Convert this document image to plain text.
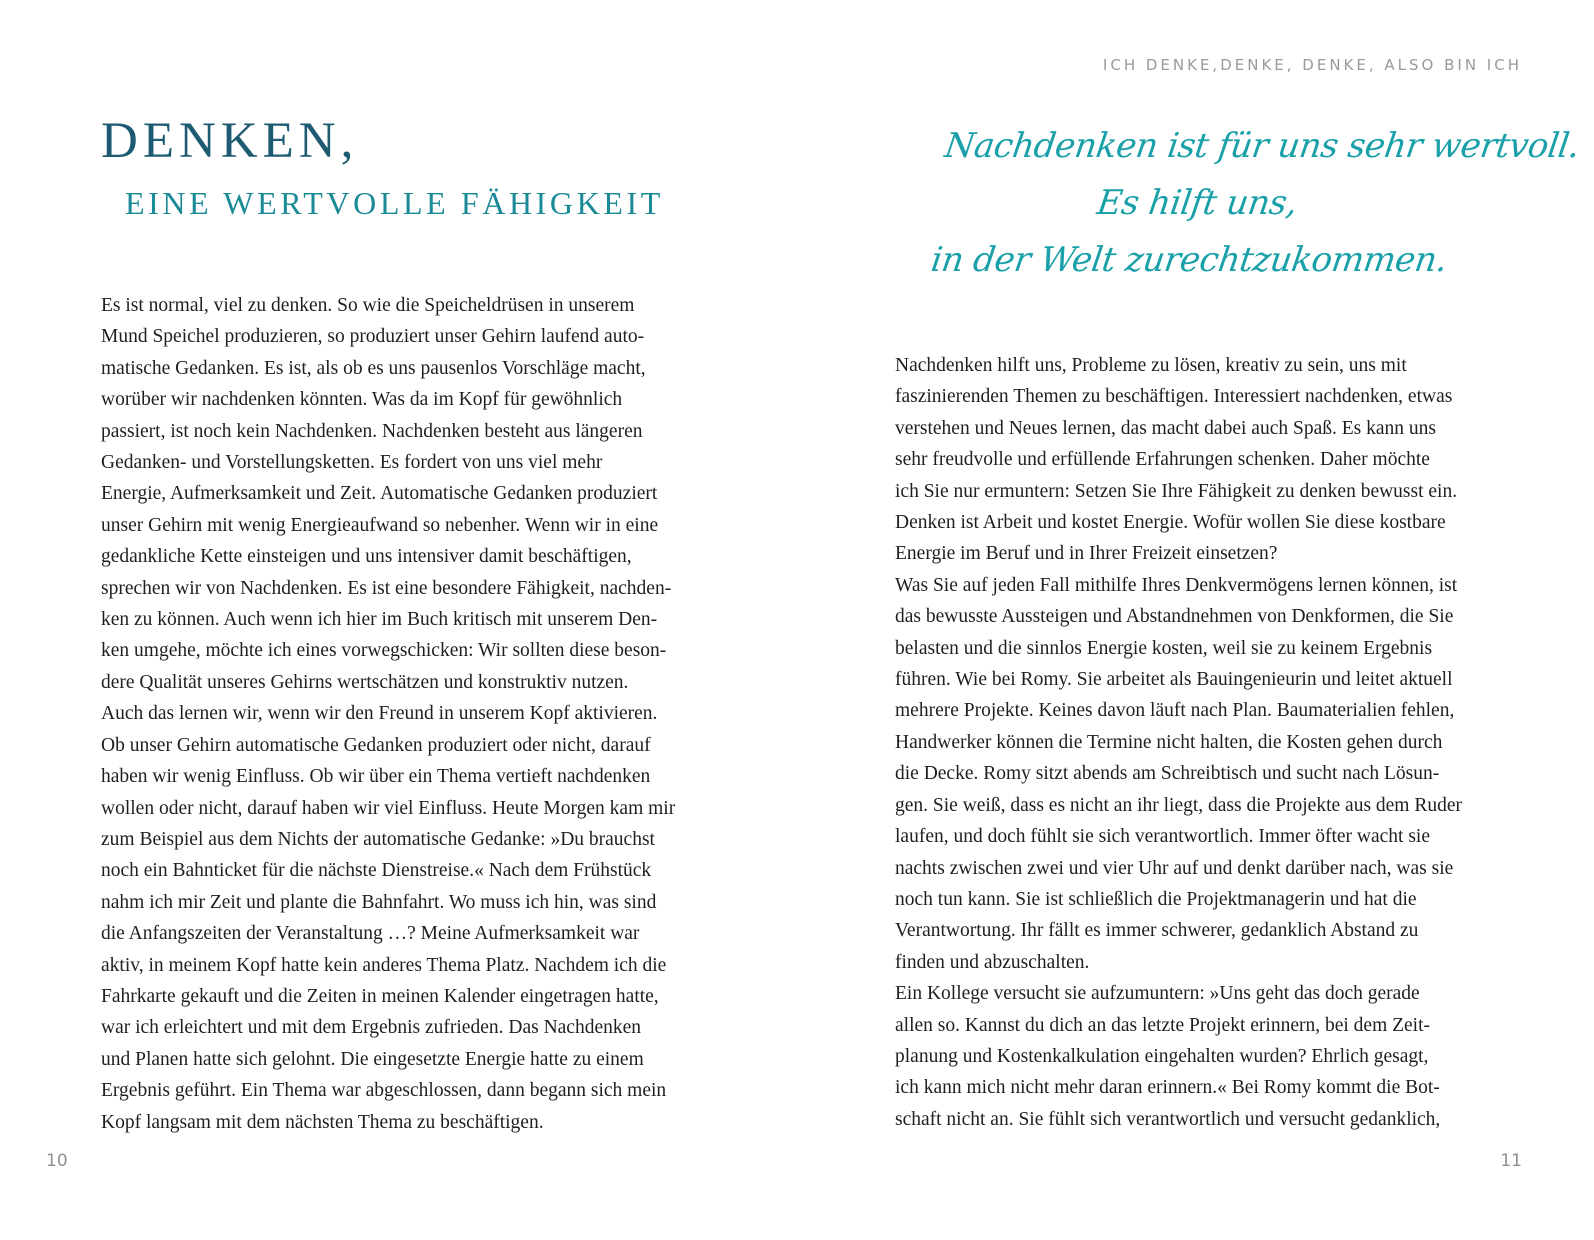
DENKEN,
EINE WERTVOLLE FÄHIGKEIT
Es ist normal, viel zu denken. So wie die Speicheldrüsen in unserem
Mund Speichel produzieren, so produziert unser Gehirn laufend auto-
matische Gedanken. Es ist, als ob es uns pausenlos Vorschläge macht,
worüber wir nachdenken könnten. Was da im Kopf für gewöhnlich
passiert, ist noch kein Nachdenken. Nachdenken besteht aus längeren
Gedanken- und Vorstellungsketten. Es fordert von uns viel mehr
Energie, Aufmerksamkeit und Zeit. Automatische Gedanken produziert
unser Gehirn mit wenig Energieaufwand so nebenher. Wenn wir in eine
gedankliche Kette einsteigen und uns intensiver damit beschäftigen,
sprechen wir von Nachdenken. Es ist eine besondere Fähigkeit, nachden-
ken zu können. Auch wenn ich hier im Buch kritisch mit unserem Den-
ken umgehe, möchte ich eines vorwegschicken: Wir sollten diese beson-
dere Qualität unseres Gehirns wertschätzen und konstruktiv nutzen.
Auch das lernen wir, wenn wir den Freund in unserem Kopf aktivieren.
Ob unser Gehirn automatische Gedanken produziert oder nicht, darauf
haben wir wenig Einfluss. Ob wir über ein Thema vertieft nachdenken
wollen oder nicht, darauf haben wir viel Einfluss. Heute Morgen kam mir
zum Beispiel aus dem Nichts der automatische Gedanke: »Du brauchst
noch ein Bahnticket für die nächste Dienstreise.« Nach dem Frühstück
nahm ich mir Zeit und plante die Bahnfahrt. Wo muss ich hin, was sind
die Anfangszeiten der Veranstaltung …? Meine Aufmerksamkeit war
aktiv, in meinem Kopf hatte kein anderes Thema Platz. Nachdem ich die
Fahrkarte gekauft und die Zeiten in meinen Kalender eingetragen hatte,
war ich erleichtert und mit dem Ergebnis zufrieden. Das Nachdenken
und Planen hatte sich gelohnt. Die eingesetzte Energie hatte zu einem
Ergebnis geführt. Ein Thema war abgeschlossen, dann begann sich mein
Kopf langsam mit dem nächsten Thema zu beschäftigen.
10
ICH DENKE,DENKE, DENKE, ALSO BIN ICH
Nachdenken ist für uns sehr wertvoll.
Es hilft uns,
in der Welt zurechtzukommen.
Nachdenken hilft uns, Probleme zu lösen, kreativ zu sein, uns mit
faszinierenden Themen zu beschäftigen. Interessiert nachdenken, etwas
verstehen und Neues lernen, das macht dabei auch Spaß. Es kann uns
sehr freudvolle und erfüllende Erfahrungen schenken. Daher möchte
ich Sie nur ermuntern: Setzen Sie Ihre Fähigkeit zu denken bewusst ein.
Denken ist Arbeit und kostet Energie. Wofür wollen Sie diese kostbare
Energie im Beruf und in Ihrer Freizeit einsetzen?
Was Sie auf jeden Fall mithilfe Ihres Denkvermögens lernen können, ist
das bewusste Aussteigen und Abstandnehmen von Denkformen, die Sie
belasten und die sinnlos Energie kosten, weil sie zu keinem Ergebnis
führen. Wie bei Romy. Sie arbeitet als Bauingenieurin und leitet aktuell
mehrere Projekte. Keines davon läuft nach Plan. Baumaterialien fehlen,
Handwerker können die Termine nicht halten, die Kosten gehen durch
die Decke. Romy sitzt abends am Schreibtisch und sucht nach Lösun-
gen. Sie weiß, dass es nicht an ihr liegt, dass die Projekte aus dem Ruder
laufen, und doch fühlt sie sich verantwortlich. Immer öfter wacht sie
nachts zwischen zwei und vier Uhr auf und denkt darüber nach, was sie
noch tun kann. Sie ist schließlich die Projektmanagerin und hat die
Verantwortung. Ihr fällt es immer schwerer, gedanklich Abstand zu
finden und abzuschalten.
Ein Kollege versucht sie aufzumuntern: »Uns geht das doch gerade
allen so. Kannst du dich an das letzte Projekt erinnern, bei dem Zeit-
planung und Kostenkalkulation eingehalten wurden? Ehrlich gesagt,
ich kann mich nicht mehr daran erinnern.« Bei Romy kommt die Bot-
schaft nicht an. Sie fühlt sich verantwortlich und versucht gedanklich,
11
